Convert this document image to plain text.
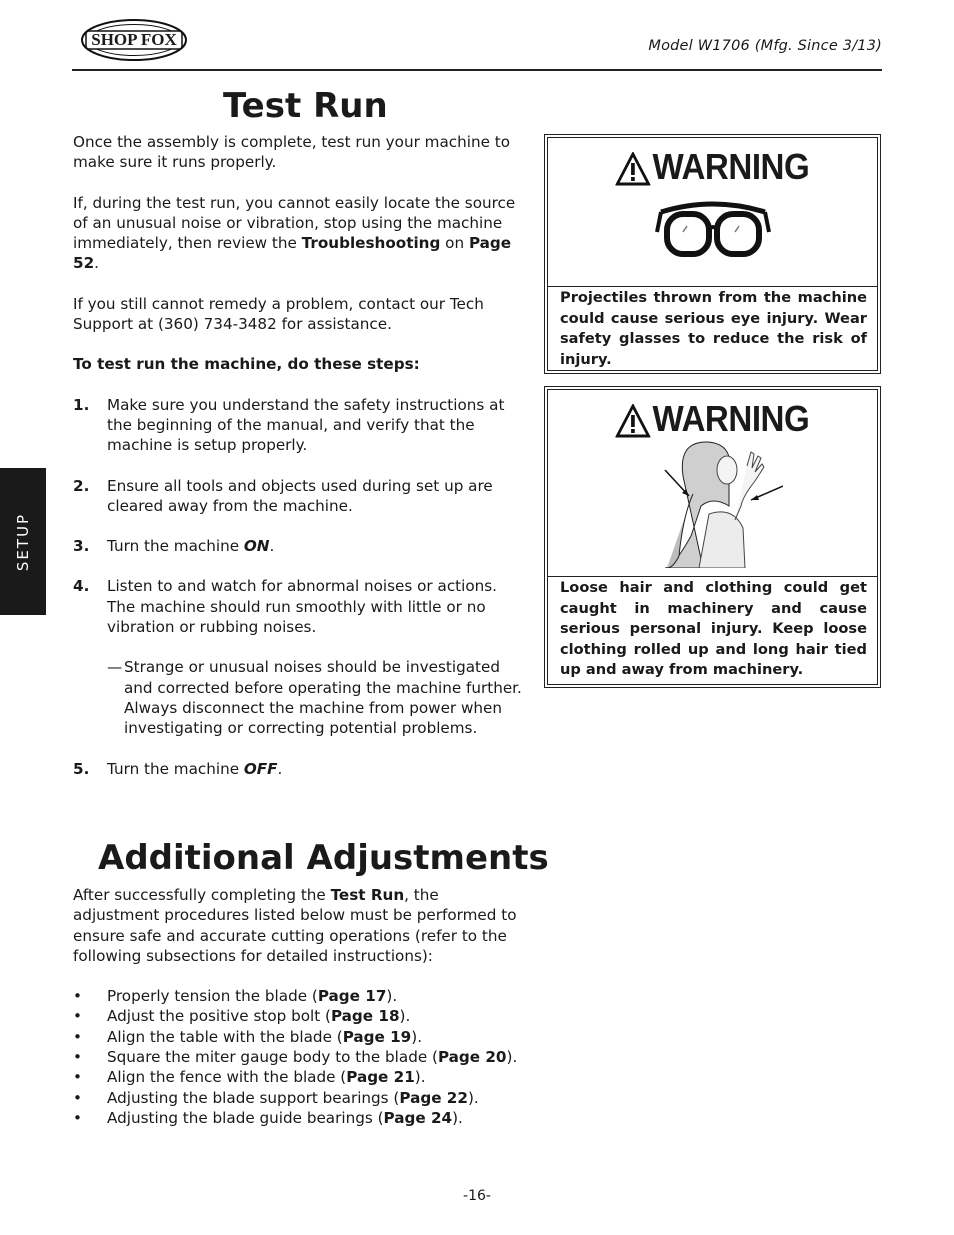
SHOP FOX	Model W1706 (Mfg. Since 3/13)
SETUP
Test Run

Once the assembly is complete, test run your machine to make sure it runs properly.

If, during the test run, you cannot easily locate the source of an unusual noise or vibration, stop using the machine immediately, then review the Troubleshooting on Page 52.

If you still cannot remedy a problem, contact our Tech Support at (360) 734-3482 for assistance.

To test run the machine, do these steps:

1. Make sure you understand the safety instructions at the beginning of the manual, and verify that the machine is setup properly.
2. Ensure all tools and objects used during set up are cleared away from the machine.
3. Turn the machine ON.
4. Listen to and watch for abnormal noises or actions. The machine should run smoothly with little or no vibration or rubbing noises.
— Strange or unusual noises should be investigated and corrected before operating the machine further. Always disconnect the machine from power when investigating or correcting potential problems.
5. Turn the machine OFF.
WARNING
Projectiles thrown from the machine could cause serious eye injury. Wear safety glasses to reduce the risk of injury.
WARNING
Loose hair and clothing could get caught in machinery and cause serious personal injury. Keep loose clothing rolled up and long hair tied up and away from machinery.
Additional Adjustments

After successfully completing the Test Run, the adjustment procedures listed below must be performed to ensure safe and accurate cutting operations (refer to the following subsections for detailed instructions):

• Properly tension the blade (Page 17).
• Adjust the positive stop bolt (Page 18).
• Align the table with the blade (Page 19).
• Square the miter gauge body to the blade (Page 20).
• Align the fence with the blade (Page 21).
• Adjusting the blade support bearings (Page 22).
• Adjusting the blade guide bearings (Page 24).
-16-
